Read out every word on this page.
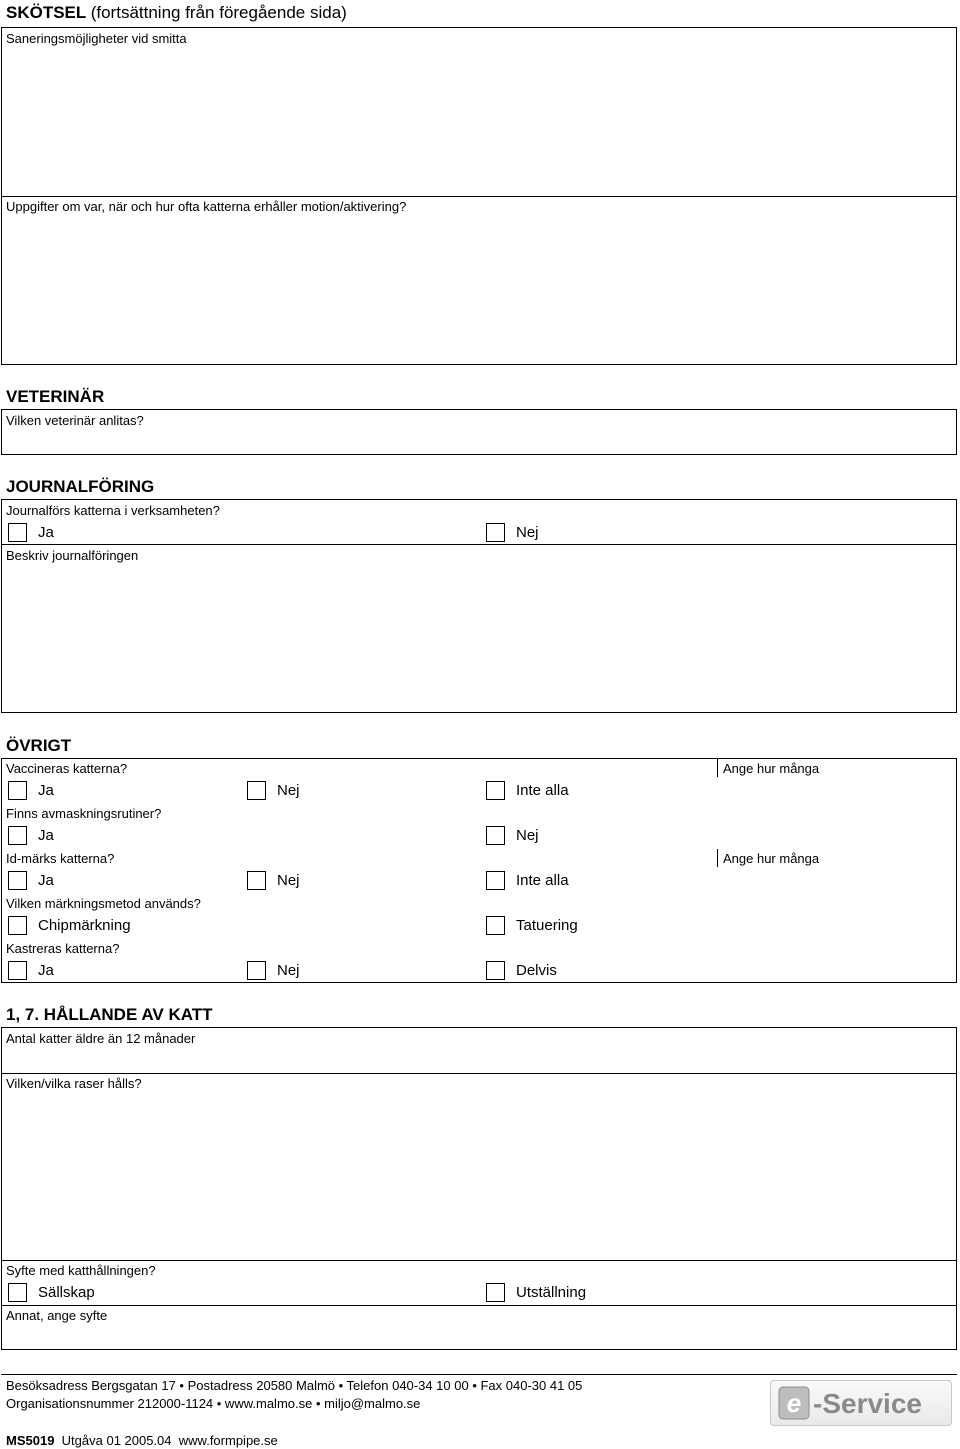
SKÖTSEL (fortsättning från föregående sida)
Saneringsmöjligheter vid smitta
Uppgifter om var, när och hur ofta katterna erhåller motion/aktivering?
VETERINÄR
Vilken veterinär anlitas?
JOURNALFÖRING
Journalförs katterna i verksamheten?
Ja	Nej
Beskriv journalföringen
ÖVRIGT
Vaccineras katterna?	Ange hur många
Ja	Nej	Inte alla
Finns avmaskningsrutiner?
Ja	Nej
Id-märks katterna?	Ange hur många
Ja	Nej	Inte alla
Vilken märkningsmetod används?
Chipmärkning	Tatuering
Kastreras katterna?
Ja	Nej	Delvis
1, 7. HÅLLANDE AV KATT
Antal katter äldre än 12 månader
Vilken/vilka raser hålls?
Syfte med katthållningen?
Sällskap	Utställning
Annat, ange syfte
Besöksadress Bergsgatan 17 • Postadress 20580 Malmö • Telefon 040-34 10 00 • Fax 040-30 41 05
Organisationsnummer 212000-1124 • www.malmo.se • miljo@malmo.se
MS5019 Utgåva 01 2005.04 www.formpipe.se
e -Service
